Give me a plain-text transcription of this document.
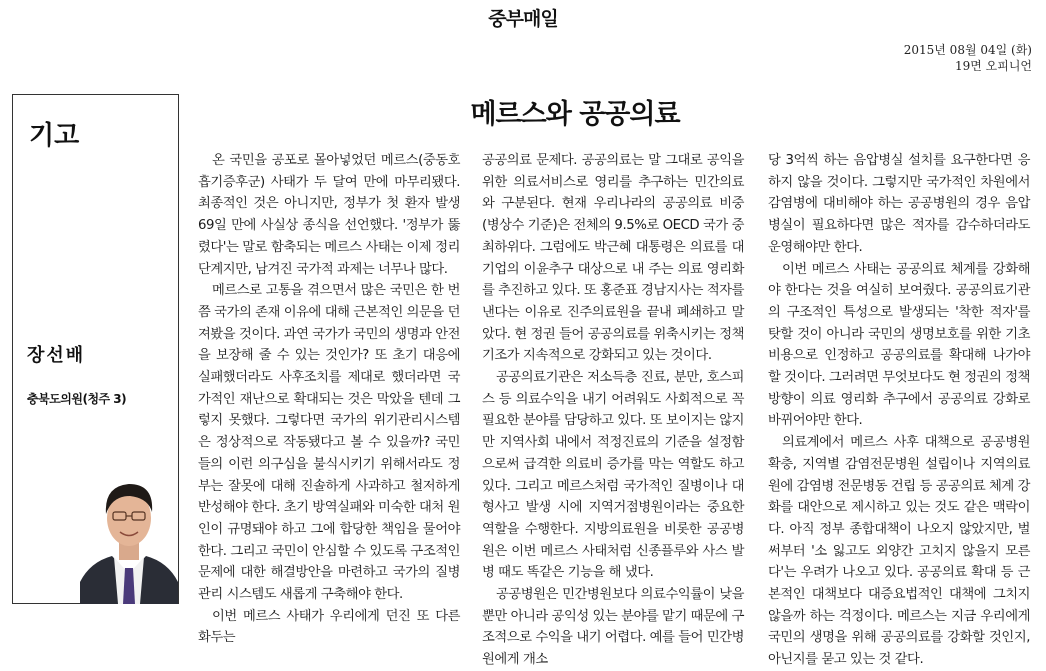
중부매일
2015년 08월 04일 (화)
19면 오피니언
기고
장선배
충북도의원(청주 3)
메르스와 공공의료

온 국민을 공포로 몰아넣었던 메르스(중동호흡기증후군) 사태가 두 달여 만에 마무리됐다. 최종적인 것은 아니지만, 정부가 첫 환자 발생 69일 만에 사실상 종식을 선언했다. '정부가 뚫렸다'는 말로 함축되는 메르스 사태는 이제 정리단계지만, 남겨진 국가적 과제는 너무나 많다.

메르스로 고통을 겪으면서 많은 국민은 한 번쯤 국가의 존재 이유에 대해 근본적인 의문을 던져봤을 것이다. 과연 국가가 국민의 생명과 안전을 보장해 줄 수 있는 것인가? 또 초기 대응에 실패했더라도 사후조치를 제대로 했더라면 국가적인 재난으로 확대되는 것은 막았을 텐데 그렇지 못했다. 그렇다면 국가의 위기관리시스템은 정상적으로 작동됐다고 볼 수 있을까? 국민들의 이런 의구심을 불식시키기 위해서라도 정부는 잘못에 대해 진솔하게 사과하고 철저하게 반성해야 한다. 초기 방역실패와 미숙한 대처 원인이 규명돼야 하고 그에 합당한 책임을 물어야 한다. 그리고 국민이 안심할 수 있도록 구조적인 문제에 대한 해결방안을 마련하고 국가의 질병관리 시스템도 새롭게 구축해야 한다.

이번 메르스 사태가 우리에게 던진 또 다른 화두는

공공의료 문제다. 공공의료는 말 그대로 공익을 위한 의료서비스로 영리를 추구하는 민간의료와 구분된다. 현재 우리나라의 공공의료 비중(병상수 기준)은 전체의 9.5%로 OECD 국가 중 최하위다. 그럼에도 박근혜 대통령은 의료를 대기업의 이윤추구 대상으로 내 주는 의료 영리화를 추진하고 있다. 또 홍준표 경남지사는 적자를 낸다는 이유로 진주의료원을 끝내 폐쇄하고 말았다. 현 정권 들어 공공의료를 위축시키는 정책기조가 지속적으로 강화되고 있는 것이다.

공공의료기관은 저소득층 진료, 분만, 호스피스 등 의료수익을 내기 어려워도 사회적으로 꼭 필요한 분야를 담당하고 있다. 또 보이지는 않지만 지역사회 내에서 적정진료의 기준을 설정함으로써 급격한 의료비 증가를 막는 역할도 하고 있다. 그리고 메르스처럼 국가적인 질병이나 대형사고 발생 시에 지역거점병원이라는 중요한 역할을 수행한다. 지방의료원을 비롯한 공공병원은 이번 메르스 사태처럼 신종플루와 사스 발병 때도 똑같은 기능을 해 냈다.

공공병원은 민간병원보다 의료수익률이 낮을 뿐만 아니라 공익성 있는 분야를 맡기 때문에 구조적으로 수익을 내기 어렵다. 예를 들어 민간병원에게 개소

당 3억씩 하는 음압병실 설치를 요구한다면 응하지 않을 것이다. 그렇지만 국가적인 차원에서 감염병에 대비해야 하는 공공병원의 경우 음압병실이 필요하다면 많은 적자를 감수하더라도 운영해야만 한다.

이번 메르스 사태는 공공의료 체계를 강화해야 한다는 것을 여실히 보여줬다. 공공의료기관의 구조적인 특성으로 발생되는 '착한 적자'를 탓할 것이 아니라 국민의 생명보호를 위한 기초비용으로 인정하고 공공의료를 확대해 나가야 할 것이다. 그러려면 무엇보다도 현 정권의 정책방향이 의료 영리화 추구에서 공공의료 강화로 바뀌어야만 한다.

의료계에서 메르스 사후 대책으로 공공병원 확충, 지역별 감염전문병원 설립이나 지역의료원에 감염병 전문병동 건립 등 공공의료 체계 강화를 대안으로 제시하고 있는 것도 같은 맥락이다. 아직 정부 종합대책이 나오지 않았지만, 벌써부터 '소 잃고도 외양간 고치지 않을지 모른다'는 우려가 나오고 있다. 공공의료 확대 등 근본적인 대책보다 대증요법적인 대책에 그치지 않을까 하는 걱정이다. 메르스는 지금 우리에게 국민의 생명을 위해 공공의료를 강화할 것인지, 아닌지를 묻고 있는 것 같다.
